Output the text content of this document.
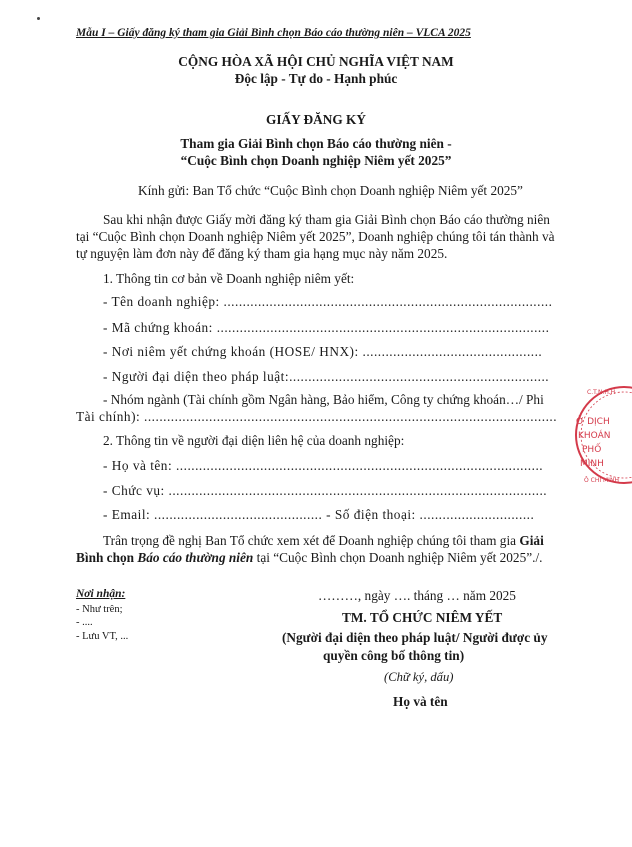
Mẫu I – Giấy đăng ký tham gia Giải Bình chọn Báo cáo thường niên – VLCA 2025
CỘNG HÒA XÃ HỘI CHỦ NGHĨA VIỆT NAM
Độc lập - Tự do - Hạnh phúc
GIẤY ĐĂNG KÝ
Tham gia Giải Bình chọn Báo cáo thường niên -
“Cuộc Bình chọn Doanh nghiệp Niêm yết 2025”
Kính gửi: Ban Tổ chức “Cuộc Bình chọn Doanh nghiệp Niêm yết 2025”
Sau khi nhận được Giấy mời đăng ký tham gia Giải Bình chọn Báo cáo thường niên
tại “Cuộc Bình chọn Doanh nghiệp Niêm yết 2025”, Doanh nghiệp chúng tôi tán thành và
tự nguyện làm đơn này để đăng ký tham gia hạng mục này năm 2025.
1. Thông tin cơ bản về Doanh nghiệp niêm yết:
- Tên doanh nghiệp: ......................................................................................
- Mã chứng khoán: .......................................................................................
- Nơi niêm yết chứng khoán (HOSE/ HNX): ...............................................
- Người đại diện theo pháp luật:....................................................................
- Nhóm ngành (Tài chính gồm Ngân hàng, Bảo hiểm, Công ty chứng khoán…/ Phi
Tài chính): ............................................................................................................
2. Thông tin về người đại diện liên hệ của doanh nghiệp:
- Họ và tên: ................................................................................................
- Chức vụ: ...................................................................................................
- Email: ............................................ - Số điện thoại: ..............................
Trân trọng đề nghị Ban Tổ chức xem xét để Doanh nghiệp chúng tôi tham gia Giải
Bình chọn Báo cáo thường niên tại “Cuộc Bình chọn Doanh nghiệp Niêm yết 2025”./.
Nơi nhận:
- Như trên;
- ....
- Lưu VT, ...
………, ngày …. tháng … năm 2025
TM. TỔ CHỨC NIÊM YẾT
(Người đại diện theo pháp luật/ Người được ủy
quyền công bố thông tin)
(Chữ ký, dấu)
Họ và tên
C.T.N.H.H
Ở DỊCH
KHOÁN
PHỐ
MINH
Ô CHÍ MINH
